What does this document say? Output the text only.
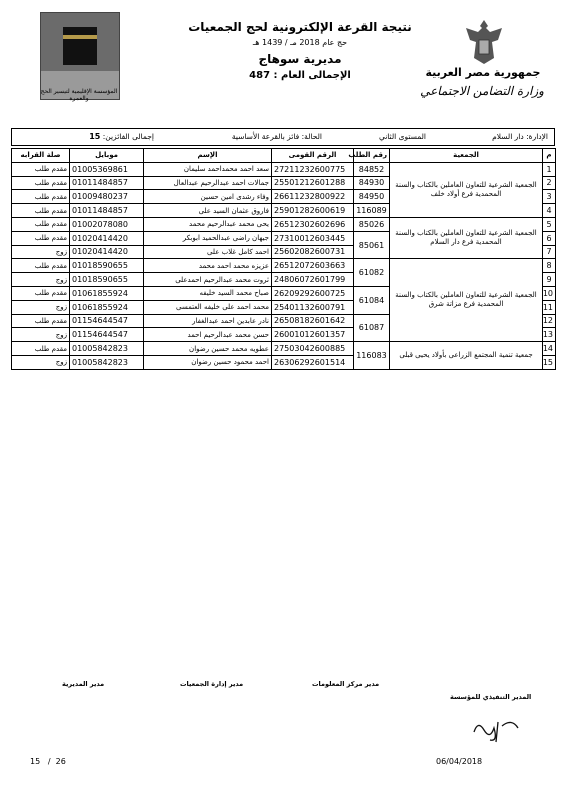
المؤسسة الإقليمية لتيسير الحج والعمرة
جمهورية مصر العربية
وزارة التضامن الاجتماعي
نتيجة القرعة الإلكترونية لحج الجمعيات
حج عام 2018 مـ / 1439 هـ
مديرية سوهاج
الإجمالى العام : 487
الإدارة: دار السلام
المستوى الثاني
الحالة: فائز بالقرعة الأساسية
إجمالى الفائزين: 15
م	الجمعية	رقم الطلب	الرقم القومى	الإسم	موبايل	صلة القرابه
1	الجمعية الشرعية للتعاون العاملين بالكتاب والسنة المحمدية فرع أولاد خلف	84852	27211232600775	سعد احمد محمداحمد سليمان	01005369861	مقدم طلب
2		84930	25501212601288	جمالات احمد عبدالرحيم عبدالعال	01011484857	مقدم طلب
3		84950	26611232800922	وفاء رشدى امين حسين	01009480237	مقدم طلب
4		116089	25901282600619	فاروق عثمان السيد على	01011484857	مقدم طلب
5	الجمعية الشرعية للتعاون العاملين بالكتاب والسنة المحمدية فرع دار السلام	85026	26512302602696	يحى محمد عبدالرحيم محمد	01002078080	مقدم طلب
6		85061	27310012603445	جيهان راضى عبدالحميد ابوبكر	01020414420	مقدم طلب
7			25602082600731	احمد كامل غلاب على	01020414420	زوج
8	الجمعية الشرعية للتعاون العاملين بالكتاب والسنة المحمدية فرع مزاتة شرق	61082	26512072603663	عزيزه محمد احمد محمد	01018590655	مقدم طلب
9			24806072601799	ثروت محمد عبدالرحيم احمدعلى	01018590655	زوج
10		61084	26209292600725	صباح محمد السيد خليفه	01061855924	مقدم طلب
11			25401132600791	محمد احمد على خليفه العتمسى	01061855924	زوج
12		61087	26508182601642	نادر عابدين احمد عبدالغفار	01154644547	مقدم طلب
13			26001012601357	حسن محمد عبدالرحيم احمد	01154644547	زوج
14	جمعية تنمية المجتمع الزراعى بأولاد يحيى قبلى	116083	27503042600885	عطويه محمد حسين رضوان	01005842823	مقدم طلب
15			26306292601514	احمد محمود حسين رضوان	01005842823	زوج
مدير المديرية	مدير إدارة الجمعيات	مدير مركز المعلومات
المدير التنفيذي للمؤسسة
15 / 26	06/04/2018
